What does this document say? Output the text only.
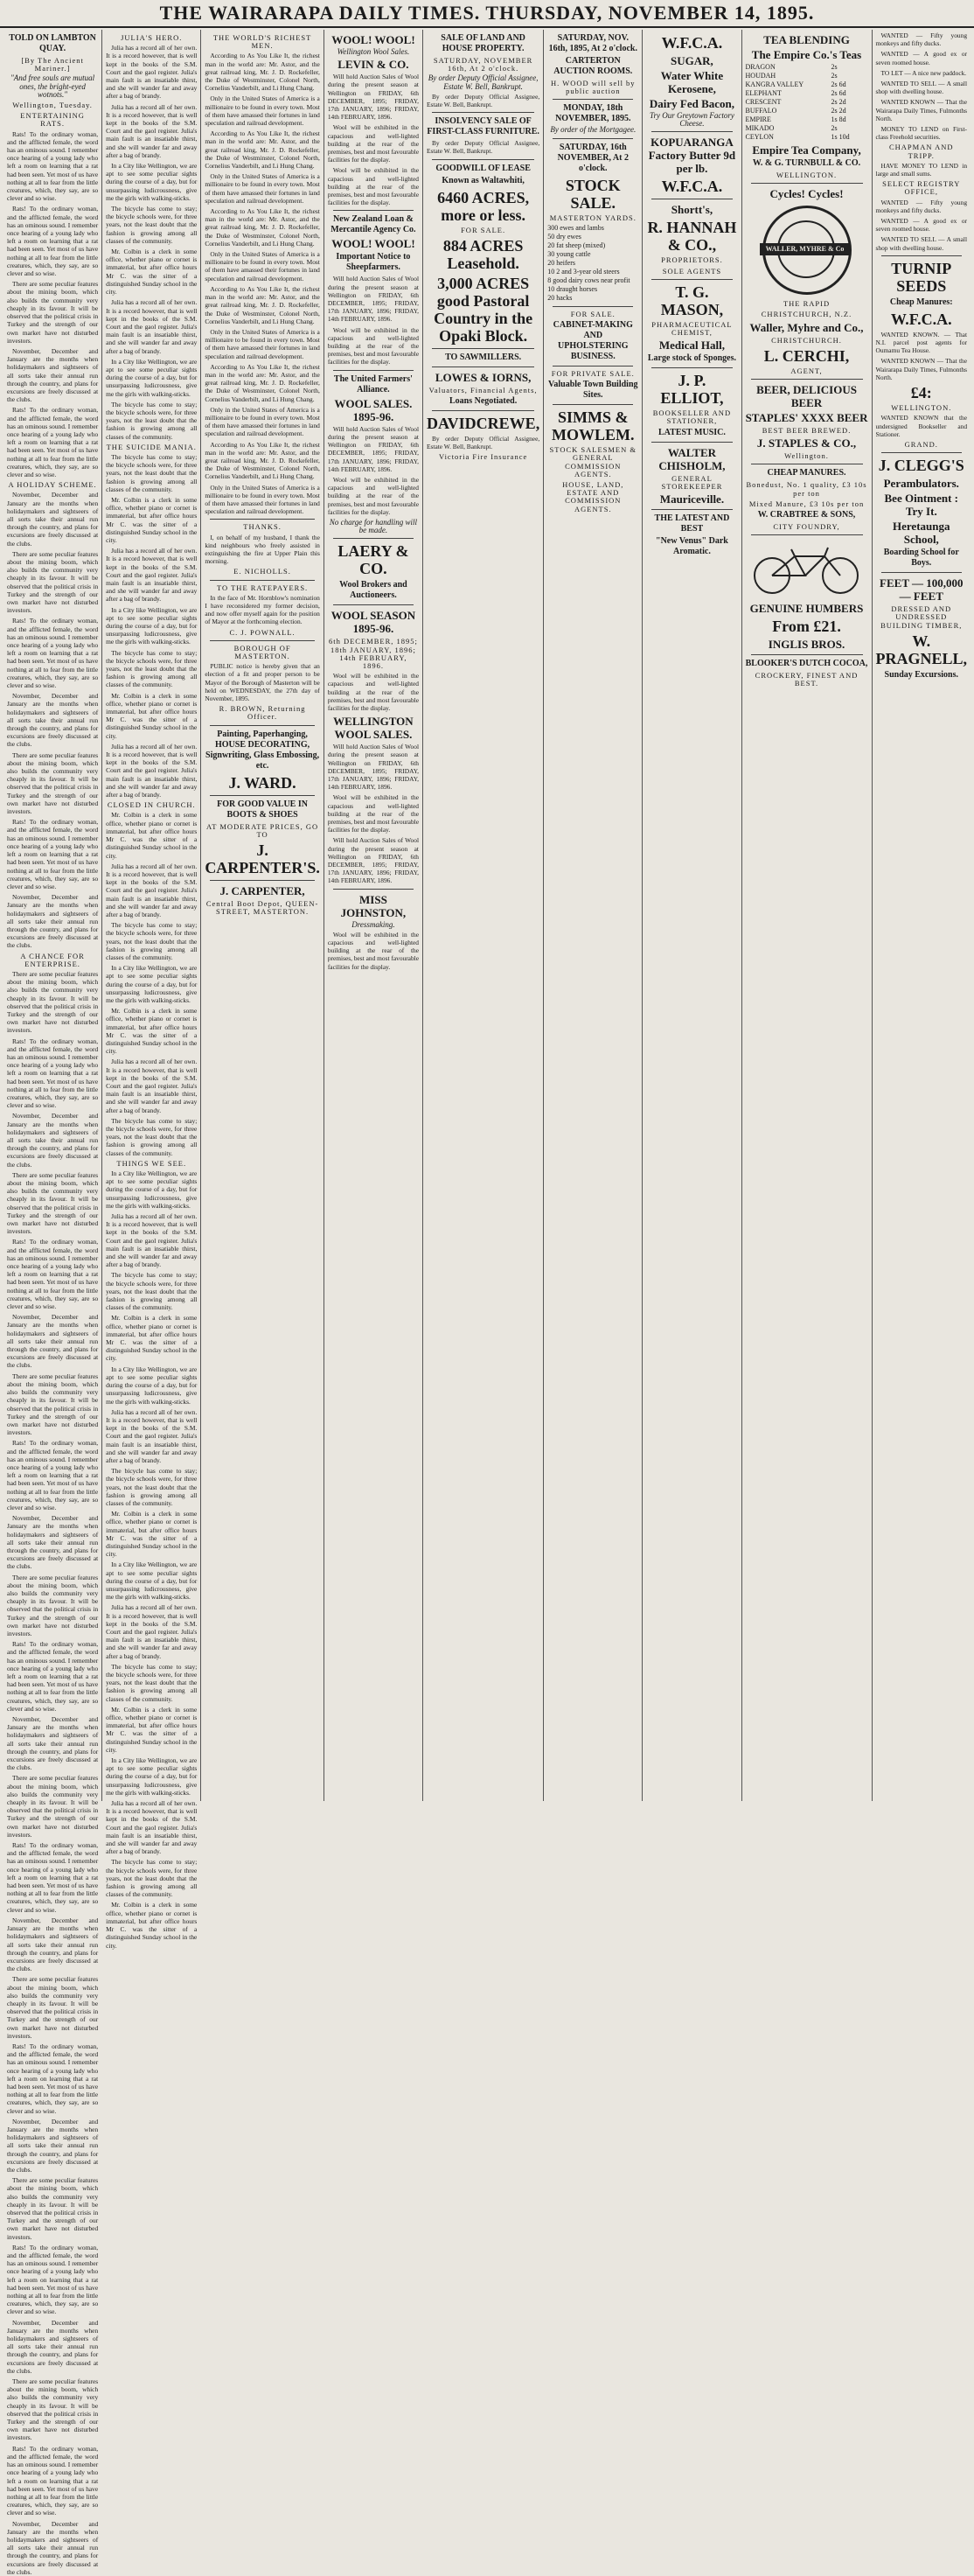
THE WAIRARAPA DAILY TIMES. THURSDAY, NOVEMBER 14, 1895.
TOLD ON LAMBTON QUAY.
[By The Ancient Mariner.]
"And free souls are mutual ones, the bright-eyed wotnots."
Wellington, Tuesday.
ENTERTAINING RATS.

Rats! To the ordinary woman, and the afflicted female, the word has an ominous sound. I remember once hearing of a young lady who left a room on learning that a rat had been seen. Yet most of us have nothing at all to fear from the little creatures, which, they say, are so clever and so wise.

Rats! To the ordinary woman, and the afflicted female, the word has an ominous sound. I remember once hearing of a young lady who left a room on learning that a rat had been seen. Yet most of us have nothing at all to fear from the little creatures, which, they say, are so clever and so wise.

There are some peculiar features about the mining boom, which also builds the community very cheaply in its favour. It will be observed that the political crisis in Turkey and the strength of our own market have not disturbed investors.

November, December and January are the months when holidaymakers and sightseers of all sorts take their annual run through the country, and plans for excursions are freely discussed at the clubs.

Rats! To the ordinary woman, and the afflicted female, the word has an ominous sound. I remember once hearing of a young lady who left a room on learning that a rat had been seen. Yet most of us have nothing at all to fear from the little creatures, which, they say, are so clever and so wise.

A HOLIDAY SCHEME.

November, December and January are the months when holidaymakers and sightseers of all sorts take their annual run through the country, and plans for excursions are freely discussed at the clubs.

There are some peculiar features about the mining boom, which also builds the community very cheaply in its favour. It will be observed that the political crisis in Turkey and the strength of our own market have not disturbed investors.

Rats! To the ordinary woman, and the afflicted female, the word has an ominous sound. I remember once hearing of a young lady who left a room on learning that a rat had been seen. Yet most of us have nothing at all to fear from the little creatures, which, they say, are so clever and so wise.

November, December and January are the months when holidaymakers and sightseers of all sorts take their annual run through the country, and plans for excursions are freely discussed at the clubs.

There are some peculiar features about the mining boom, which also builds the community very cheaply in its favour. It will be observed that the political crisis in Turkey and the strength of our own market have not disturbed investors.

Rats! To the ordinary woman, and the afflicted female, the word has an ominous sound. I remember once hearing of a young lady who left a room on learning that a rat had been seen. Yet most of us have nothing at all to fear from the little creatures, which, they say, are so clever and so wise.

November, December and January are the months when holidaymakers and sightseers of all sorts take their annual run through the country, and plans for excursions are freely discussed at the clubs.

A CHANCE FOR ENTERPRISE.

There are some peculiar features about the mining boom, which also builds the community very cheaply in its favour. It will be observed that the political crisis in Turkey and the strength of our own market have not disturbed investors.

Rats! To the ordinary woman, and the afflicted female, the word has an ominous sound. I remember once hearing of a young lady who left a room on learning that a rat had been seen. Yet most of us have nothing at all to fear from the little creatures, which, they say, are so clever and so wise.

November, December and January are the months when holidaymakers and sightseers of all sorts take their annual run through the country, and plans for excursions are freely discussed at the clubs.

There are some peculiar features about the mining boom, which also builds the community very cheaply in its favour. It will be observed that the political crisis in Turkey and the strength of our own market have not disturbed investors.

Rats! To the ordinary woman, and the afflicted female, the word has an ominous sound. I remember once hearing of a young lady who left a room on learning that a rat had been seen. Yet most of us have nothing at all to fear from the little creatures, which, they say, are so clever and so wise.

November, December and January are the months when holidaymakers and sightseers of all sorts take their annual run through the country, and plans for excursions are freely discussed at the clubs.

There are some peculiar features about the mining boom, which also builds the community very cheaply in its favour. It will be observed that the political crisis in Turkey and the strength of our own market have not disturbed investors.

Rats! To the ordinary woman, and the afflicted female, the word has an ominous sound. I remember once hearing of a young lady who left a room on learning that a rat had been seen. Yet most of us have nothing at all to fear from the little creatures, which, they say, are so clever and so wise.

November, December and January are the months when holidaymakers and sightseers of all sorts take their annual run through the country, and plans for excursions are freely discussed at the clubs.

There are some peculiar features about the mining boom, which also builds the community very cheaply in its favour. It will be observed that the political crisis in Turkey and the strength of our own market have not disturbed investors.

Rats! To the ordinary woman, and the afflicted female, the word has an ominous sound. I remember once hearing of a young lady who left a room on learning that a rat had been seen. Yet most of us have nothing at all to fear from the little creatures, which, they say, are so clever and so wise.

November, December and January are the months when holidaymakers and sightseers of all sorts take their annual run through the country, and plans for excursions are freely discussed at the clubs.

There are some peculiar features about the mining boom, which also builds the community very cheaply in its favour. It will be observed that the political crisis in Turkey and the strength of our own market have not disturbed investors.

Rats! To the ordinary woman, and the afflicted female, the word has an ominous sound. I remember once hearing of a young lady who left a room on learning that a rat had been seen. Yet most of us have nothing at all to fear from the little creatures, which, they say, are so clever and so wise.

November, December and January are the months when holidaymakers and sightseers of all sorts take their annual run through the country, and plans for excursions are freely discussed at the clubs.

There are some peculiar features about the mining boom, which also builds the community very cheaply in its favour. It will be observed that the political crisis in Turkey and the strength of our own market have not disturbed investors.

Rats! To the ordinary woman, and the afflicted female, the word has an ominous sound. I remember once hearing of a young lady who left a room on learning that a rat had been seen. Yet most of us have nothing at all to fear from the little creatures, which, they say, are so clever and so wise.

November, December and January are the months when holidaymakers and sightseers of all sorts take their annual run through the country, and plans for excursions are freely discussed at the clubs.

There are some peculiar features about the mining boom, which also builds the community very cheaply in its favour. It will be observed that the political crisis in Turkey and the strength of our own market have not disturbed investors.

Rats! To the ordinary woman, and the afflicted female, the word has an ominous sound. I remember once hearing of a young lady who left a room on learning that a rat had been seen. Yet most of us have nothing at all to fear from the little creatures, which, they say, are so clever and so wise.

November, December and January are the months when holidaymakers and sightseers of all sorts take their annual run through the country, and plans for excursions are freely discussed at the clubs.

There are some peculiar features about the mining boom, which also builds the community very cheaply in its favour. It will be observed that the political crisis in Turkey and the strength of our own market have not disturbed investors.

Rats! To the ordinary woman, and the afflicted female, the word has an ominous sound. I remember once hearing of a young lady who left a room on learning that a rat had been seen. Yet most of us have nothing at all to fear from the little creatures, which, they say, are so clever and so wise.

November, December and January are the months when holidaymakers and sightseers of all sorts take their annual run through the country, and plans for excursions are freely discussed at the clubs.

JULIA'S HERO.

Julia has a record all of her own. It is a record however, that is well kept in the books of the S.M. Court and the gaol register. Julia's main fault is an insatiable thirst, and she will wander far and away after a bag of brandy.

Julia has a record all of her own. It is a record however, that is well kept in the books of the S.M. Court and the gaol register. Julia's main fault is an insatiable thirst, and she will wander far and away after a bag of brandy.

In a City like Wellington, we are apt to see some peculiar sights during the course of a day, but for unsurpassing ludicrousness, give me the girls with walking-sticks.

The bicycle has come to stay; the bicycle schools were, for three years, not the least doubt that the fashion is growing among all classes of the community.

Mr. Colbin is a clerk in some office, whether piano or cornet is immaterial, but after office hours Mr C. was the sitter of a distinguished Sunday school in the city.

Julia has a record all of her own. It is a record however, that is well kept in the books of the S.M. Court and the gaol register. Julia's main fault is an insatiable thirst, and she will wander far and away after a bag of brandy.

In a City like Wellington, we are apt to see some peculiar sights during the course of a day, but for unsurpassing ludicrousness, give me the girls with walking-sticks.

The bicycle has come to stay; the bicycle schools were, for three years, not the least doubt that the fashion is growing among all classes of the community.

THE SUICIDE MANIA.

The bicycle has come to stay; the bicycle schools were, for three years, not the least doubt that the fashion is growing among all classes of the community.

Mr. Colbin is a clerk in some office, whether piano or cornet is immaterial, but after office hours Mr C. was the sitter of a distinguished Sunday school in the city.

Julia has a record all of her own. It is a record however, that is well kept in the books of the S.M. Court and the gaol register. Julia's main fault is an insatiable thirst, and she will wander far and away after a bag of brandy.

In a City like Wellington, we are apt to see some peculiar sights during the course of a day, but for unsurpassing ludicrousness, give me the girls with walking-sticks.

The bicycle has come to stay; the bicycle schools were, for three years, not the least doubt that the fashion is growing among all classes of the community.

Mr. Colbin is a clerk in some office, whether piano or cornet is immaterial, but after office hours Mr C. was the sitter of a distinguished Sunday school in the city.

Julia has a record all of her own. It is a record however, that is well kept in the books of the S.M. Court and the gaol register. Julia's main fault is an insatiable thirst, and she will wander far and away after a bag of brandy.

CLOSED IN CHURCH.

Mr. Colbin is a clerk in some office, whether piano or cornet is immaterial, but after office hours Mr C. was the sitter of a distinguished Sunday school in the city.

Julia has a record all of her own. It is a record however, that is well kept in the books of the S.M. Court and the gaol register. Julia's main fault is an insatiable thirst, and she will wander far and away after a bag of brandy.

The bicycle has come to stay; the bicycle schools were, for three years, not the least doubt that the fashion is growing among all classes of the community.

In a City like Wellington, we are apt to see some peculiar sights during the course of a day, but for unsurpassing ludicrousness, give me the girls with walking-sticks.

Mr. Colbin is a clerk in some office, whether piano or cornet is immaterial, but after office hours Mr C. was the sitter of a distinguished Sunday school in the city.

Julia has a record all of her own. It is a record however, that is well kept in the books of the S.M. Court and the gaol register. Julia's main fault is an insatiable thirst, and she will wander far and away after a bag of brandy.

The bicycle has come to stay; the bicycle schools were, for three years, not the least doubt that the fashion is growing among all classes of the community.

THINGS WE SEE.

In a City like Wellington, we are apt to see some peculiar sights during the course of a day, but for unsurpassing ludicrousness, give me the girls with walking-sticks.

Julia has a record all of her own. It is a record however, that is well kept in the books of the S.M. Court and the gaol register. Julia's main fault is an insatiable thirst, and she will wander far and away after a bag of brandy.

The bicycle has come to stay; the bicycle schools were, for three years, not the least doubt that the fashion is growing among all classes of the community.

Mr. Colbin is a clerk in some office, whether piano or cornet is immaterial, but after office hours Mr C. was the sitter of a distinguished Sunday school in the city.

In a City like Wellington, we are apt to see some peculiar sights during the course of a day, but for unsurpassing ludicrousness, give me the girls with walking-sticks.

Julia has a record all of her own. It is a record however, that is well kept in the books of the S.M. Court and the gaol register. Julia's main fault is an insatiable thirst, and she will wander far and away after a bag of brandy.

The bicycle has come to stay; the bicycle schools were, for three years, not the least doubt that the fashion is growing among all classes of the community.

Mr. Colbin is a clerk in some office, whether piano or cornet is immaterial, but after office hours Mr C. was the sitter of a distinguished Sunday school in the city.

In a City like Wellington, we are apt to see some peculiar sights during the course of a day, but for unsurpassing ludicrousness, give me the girls with walking-sticks.

Julia has a record all of her own. It is a record however, that is well kept in the books of the S.M. Court and the gaol register. Julia's main fault is an insatiable thirst, and she will wander far and away after a bag of brandy.

The bicycle has come to stay; the bicycle schools were, for three years, not the least doubt that the fashion is growing among all classes of the community.

Mr. Colbin is a clerk in some office, whether piano or cornet is immaterial, but after office hours Mr C. was the sitter of a distinguished Sunday school in the city.

In a City like Wellington, we are apt to see some peculiar sights during the course of a day, but for unsurpassing ludicrousness, give me the girls with walking-sticks.

Julia has a record all of her own. It is a record however, that is well kept in the books of the S.M. Court and the gaol register. Julia's main fault is an insatiable thirst, and she will wander far and away after a bag of brandy.

The bicycle has come to stay; the bicycle schools were, for three years, not the least doubt that the fashion is growing among all classes of the community.

Mr. Colbin is a clerk in some office, whether piano or cornet is immaterial, but after office hours Mr C. was the sitter of a distinguished Sunday school in the city.

THE WORLD'S RICHEST MEN.

According to As You Like It, the richest man in the world are: Mr. Astor, and the great railroad king, Mr. J. D. Rockefeller, the Duke of Westminster, Colonel North, Cornelius Vanderbilt, and Li Hung Chang.

Only in the United States of America is a millionaire to be found in every town. Most of them have amassed their fortunes in land speculation and railroad development.

According to As You Like It, the richest man in the world are: Mr. Astor, and the great railroad king, Mr. J. D. Rockefeller, the Duke of Westminster, Colonel North, Cornelius Vanderbilt, and Li Hung Chang.

Only in the United States of America is a millionaire to be found in every town. Most of them have amassed their fortunes in land speculation and railroad development.

According to As You Like It, the richest man in the world are: Mr. Astor, and the great railroad king, Mr. J. D. Rockefeller, the Duke of Westminster, Colonel North, Cornelius Vanderbilt, and Li Hung Chang.

Only in the United States of America is a millionaire to be found in every town. Most of them have amassed their fortunes in land speculation and railroad development.

According to As You Like It, the richest man in the world are: Mr. Astor, and the great railroad king, Mr. J. D. Rockefeller, the Duke of Westminster, Colonel North, Cornelius Vanderbilt, and Li Hung Chang.

Only in the United States of America is a millionaire to be found in every town. Most of them have amassed their fortunes in land speculation and railroad development.

According to As You Like It, the richest man in the world are: Mr. Astor, and the great railroad king, Mr. J. D. Rockefeller, the Duke of Westminster, Colonel North, Cornelius Vanderbilt, and Li Hung Chang.

Only in the United States of America is a millionaire to be found in every town. Most of them have amassed their fortunes in land speculation and railroad development.

According to As You Like It, the richest man in the world are: Mr. Astor, and the great railroad king, Mr. J. D. Rockefeller, the Duke of Westminster, Colonel North, Cornelius Vanderbilt, and Li Hung Chang.

Only in the United States of America is a millionaire to be found in every town. Most of them have amassed their fortunes in land speculation and railroad development.

THANKS.

I, on behalf of my husband, I thank the kind neighbours who freely assisted in extinguishing the fire at Upper Plain this morning.

E. NICHOLLS.
TO THE RATEPAYERS.

In the face of Mr. Hornblow's nomination I have reconsidered my former decision, and now offer myself again for the position of Mayor at the forthcoming election.

C. J. POWNALL.
BOROUGH OF MASTERTON.

PUBLIC notice is hereby given that an election of a fit and proper person to be Mayor of the Borough of Masterton will be held on WEDNESDAY, the 27th day of November, 1895.

R. BROWN, Returning Officer.
Painting, Paperhanging, HOUSE DECORATING, Signwriting, Glass Embossing, etc.
J. WARD.
FOR GOOD VALUE IN BOOTS & SHOES
AT MODERATE PRICES, GO TO
J. CARPENTER'S.
J. CARPENTER,
Central Boot Depot, QUEEN-STREET, MASTERTON.
WOOL! WOOL!
Wellington Wool Sales.
LEVIN & CO.

Will hold Auction Sales of Wool during the present season at Wellington on FRIDAY, 6th DECEMBER, 1895; FRIDAY, 17th JANUARY, 1896; FRIDAY, 14th FEBRUARY, 1896.

Wool will be exhibited in the capacious and well-lighted building at the rear of the premises, best and most favourable facilities for the display.

Wool will be exhibited in the capacious and well-lighted building at the rear of the premises, best and most favourable facilities for the display.

New Zealand Loan & Mercantile Agency Co.
WOOL! WOOL!
Important Notice to Sheepfarmers.

Will hold Auction Sales of Wool during the present season at Wellington on FRIDAY, 6th DECEMBER, 1895; FRIDAY, 17th JANUARY, 1896; FRIDAY, 14th FEBRUARY, 1896.

Wool will be exhibited in the capacious and well-lighted building at the rear of the premises, best and most favourable facilities for the display.

The United Farmers' Alliance.
WOOL SALES. 1895-96.

Will hold Auction Sales of Wool during the present season at Wellington on FRIDAY, 6th DECEMBER, 1895; FRIDAY, 17th JANUARY, 1896; FRIDAY, 14th FEBRUARY, 1896.

Wool will be exhibited in the capacious and well-lighted building at the rear of the premises, best and most favourable facilities for the display.

No charge for handling will be made.
LAERY & CO.
Wool Brokers and Auctioneers.
WOOL SEASON 1895-96.
6th DECEMBER, 1895; 18th JANUARY, 1896; 14th FEBRUARY, 1896.

Wool will be exhibited in the capacious and well-lighted building at the rear of the premises, best and most favourable facilities for the display.

WELLINGTON WOOL SALES.

Will hold Auction Sales of Wool during the present season at Wellington on FRIDAY, 6th DECEMBER, 1895; FRIDAY, 17th JANUARY, 1896; FRIDAY, 14th FEBRUARY, 1896.

Wool will be exhibited in the capacious and well-lighted building at the rear of the premises, best and most favourable facilities for the display.

Will hold Auction Sales of Wool during the present season at Wellington on FRIDAY, 6th DECEMBER, 1895; FRIDAY, 17th JANUARY, 1896; FRIDAY, 14th FEBRUARY, 1896.

MISS JOHNSTON,
Dressmaking.

Wool will be exhibited in the capacious and well-lighted building at the rear of the premises, best and most favourable facilities for the display.

SALE OF LAND AND HOUSE PROPERTY.
SATURDAY, NOVEMBER 16th, At 2 o'clock.
By order Deputy Official Assignee, Estate W. Bell, Bankrupt.

By order Deputy Official Assignee, Estate W. Bell, Bankrupt.

INSOLVENCY SALE OF FIRST-CLASS FURNITURE.

By order Deputy Official Assignee, Estate W. Bell, Bankrupt.

GOODWILL OF LEASE
Known as Waltawhiti,
6460 ACRES, more or less.
FOR SALE.
884 ACRES Leasehold.
3,000 ACRES good Pastoral Country in the Opaki Block.
TO SAWMILLERS.
LOWES & IORNS,
Valuators, Financial Agents,
Loans Negotiated.
DAVIDCREWE,

By order Deputy Official Assignee, Estate W. Bell, Bankrupt.

Victoria Fire Insurance
SATURDAY, NOV. 16th, 1895, At 2 o'clock.
CARTERTON AUCTION ROOMS.
H. WOOD will sell by public auction
MONDAY, 18th NOVEMBER, 1895.
By order of the Mortgagee.
SATURDAY, 16th NOVEMBER, At 2 o'clock.
STOCK SALE.
MASTERTON YARDS.
300 ewes and lambs
50 dry ewes
20 fat sheep (mixed)
30 young cattle
20 heifers
10 2 and 3-year old steers
8 good dairy cows near profit
10 draught horses
20 hacks
FOR SALE.
CABINET-MAKING AND UPHOLSTERING BUSINESS.
FOR PRIVATE SALE.
Valuable Town Building Sites.
SIMMS & MOWLEM.
STOCK SALESMEN & GENERAL COMMISSION AGENTS.
HOUSE, LAND, ESTATE AND COMMISSION AGENTS.
W.F.C.A.
SUGAR,
Water White Kerosene,
Dairy Fed Bacon,
Try Our Greytown Factory Cheese.
KOPUARANGA Factory Butter 9d per lb.
W.F.C.A.
Shortt's,
R. HANNAH & CO.,
PROPRIETORS.
SOLE AGENTS
T. G. MASON,
PHARMACEUTICAL CHEMIST,
Medical Hall,
Large stock of Sponges.
J. P. ELLIOT,
BOOKSELLER AND STATIONER,
LATEST MUSIC.
WALTER CHISHOLM,
GENERAL STOREKEEPER
Mauriceville.
THE LATEST AND BEST
"New Venus" Dark Aromatic.
TEA BLENDING
The Empire Co.'s Teas
DRAGON	2s
HOUDAH	2s
KANGRA VALLEY	2s 6d
ELEPHANT	2s 6d
CRESCENT	2s 2d
BUFFALO	2s 2d
EMPIRE	1s 8d
MIKADO	2s
CEYLON	1s 10d
Empire Tea Company,
W. & G. TURNBULL & CO.
WELLINGTON.
Cycles! Cycles!
WALLER, MYHRE & Co
THE RAPID
CHRISTCHURCH, N.Z.
Waller, Myhre and Co.,
CHRISTCHURCH.
L. CERCHI,
AGENT,
BEER, DELICIOUS BEER
STAPLES' XXXX BEER
BEST BEER BREWED.
J. STAPLES & CO.,
Wellington.
CHEAP MANURES.
Bonedust, No. 1 quality, £3 10s per ton
Mixed Manure, £3 10s per ton
W. CRABTREE & SONS,
CITY FOUNDRY,
GENUINE HUMBERS
From £21.
INGLIS BROS.
BLOOKER'S DUTCH COCOA,
CROCKERY, FINEST AND BEST.

WANTED — Fifty young monkeys and fifty ducks.

WANTED — A good ex or seven roomed house.

TO LET — A nice new paddock.

WANTED TO SELL — A small shop with dwelling house.

WANTED KNOWN — That the Wairarapa Daily Times, Fulmonths North.

MONEY TO LEND on First-class Freehold securities.

CHAPMAN AND TRIPP.

HAVE MONEY TO LEND in large and small sums.

SELECT REGISTRY OFFICE,

WANTED — Fifty young monkeys and fifty ducks.

WANTED — A good ex or seven roomed house.

WANTED TO SELL — A small shop with dwelling house.

TURNIP SEEDS
Cheap Manures:
W.F.C.A.

WANTED KNOWN. — That N.I. parcel post agents for Oumamu Tea House.

WANTED KNOWN — That the Wairarapa Daily Times, Fulmonths North.

£4:
WELLINGTON.

WANTED KNOWN that the undersigned Bookseller and Stationer.

GRAND.
J. CLEGG'S
Perambulators.
Bee Ointment : Try It.
Heretaunga School,
Boarding School for Boys.
FEET — 100,000 — FEET
DRESSED AND UNDRESSED BUILDING TIMBER,
W. PRAGNELL,
Sunday Excursions.
